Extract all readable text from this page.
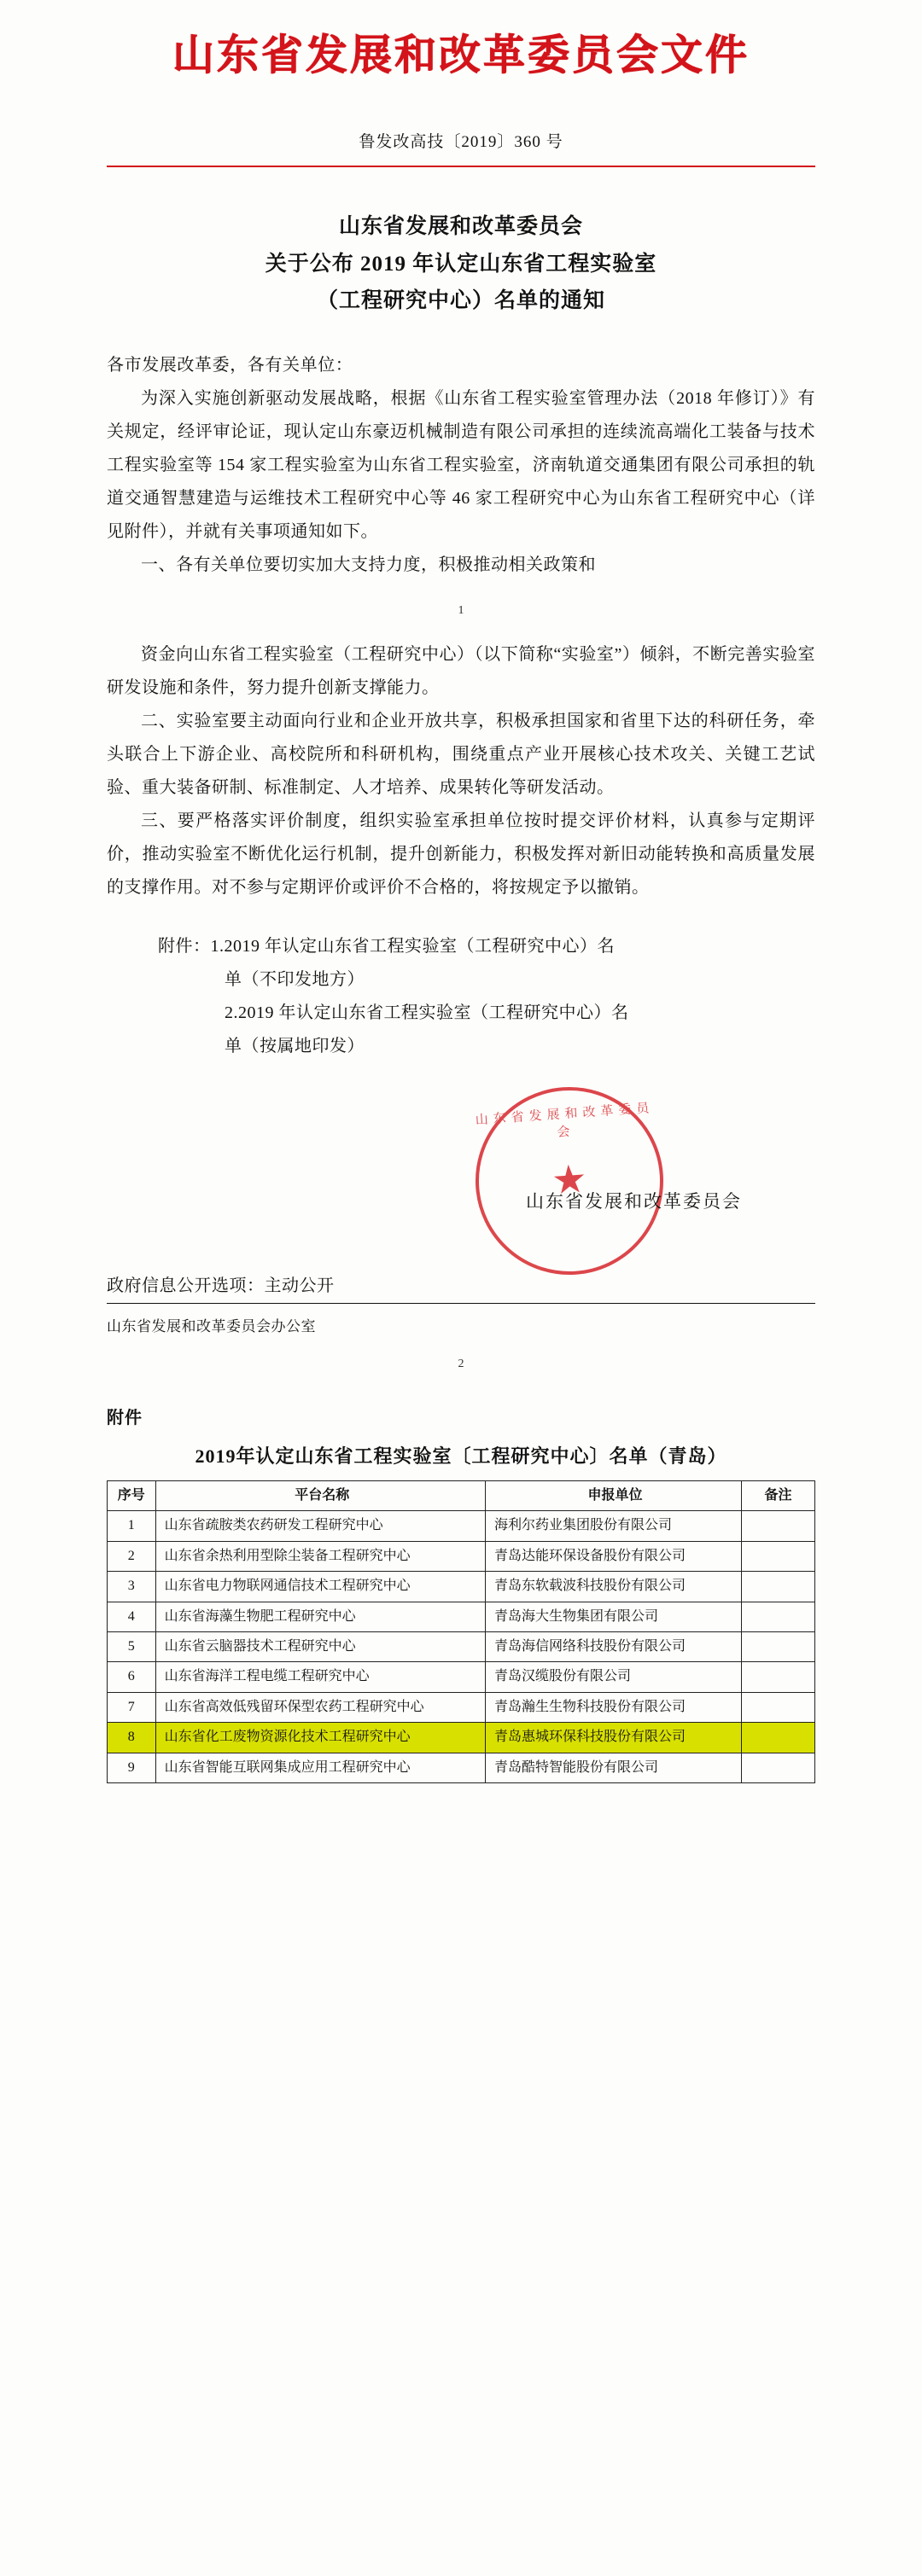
山东省发展和改革委员会文件
鲁发改高技〔2019〕360 号
山东省发展和改革委员会
关于公布 2019 年认定山东省工程实验室
（工程研究中心）名单的通知
各市发展改革委，各有关单位：

为深入实施创新驱动发展战略，根据《山东省工程实验室管理办法（2018 年修订）》有关规定，经评审论证，现认定山东豪迈机械制造有限公司承担的连续流高端化工装备与技术工程实验室等 154 家工程实验室为山东省工程实验室，济南轨道交通集团有限公司承担的轨道交通智慧建造与运维技术工程研究中心等 46 家工程研究中心为山东省工程研究中心（详见附件），并就有关事项通知如下。

一、各有关单位要切实加大支持力度，积极推动相关政策和

1

资金向山东省工程实验室（工程研究中心）（以下简称“实验室”）倾斜，不断完善实验室研发设施和条件，努力提升创新支撑能力。

二、实验室要主动面向行业和企业开放共享，积极承担国家和省里下达的科研任务，牵头联合上下游企业、高校院所和科研机构，围绕重点产业开展核心技术攻关、关键工艺试验、重大装备研制、标准制定、人才培养、成果转化等研发活动。

三、要严格落实评价制度，组织实验室承担单位按时提交评价材料，认真参与定期评价，推动实验室不断优化运行机制，提升创新能力，积极发挥对新旧动能转换和高质量发展的支撑作用。对不参与定期评价或评价不合格的，将按规定予以撤销。

附件：1.2019 年认定山东省工程实验室（工程研究中心）名
单（不印发地方）
2.2019 年认定山东省工程实验室（工程研究中心）名
单（按属地印发）
山东省发展和改革委员会
★
山东省发展和改革委员会
政府信息公开选项：主动公开
山东省发展和改革委员会办公室
2
附件
2019年认定山东省工程实验室〔工程研究中心〕名单（青岛）
序号	平台名称	申报单位	备注
1	山东省疏胺类农药研发工程研究中心	海利尔药业集团股份有限公司	
2	山东省余热利用型除尘装备工程研究中心	青岛达能环保设备股份有限公司	
3	山东省电力物联网通信技术工程研究中心	青岛东软载波科技股份有限公司	
4	山东省海藻生物肥工程研究中心	青岛海大生物集团有限公司	
5	山东省云脑器技术工程研究中心	青岛海信网络科技股份有限公司	
6	山东省海洋工程电缆工程研究中心	青岛汉缆股份有限公司	
7	山东省高效低残留环保型农药工程研究中心	青岛瀚生生物科技股份有限公司	
8	山东省化工废物资源化技术工程研究中心	青岛惠城环保科技股份有限公司	
9	山东省智能互联网集成应用工程研究中心	青岛酷特智能股份有限公司	
